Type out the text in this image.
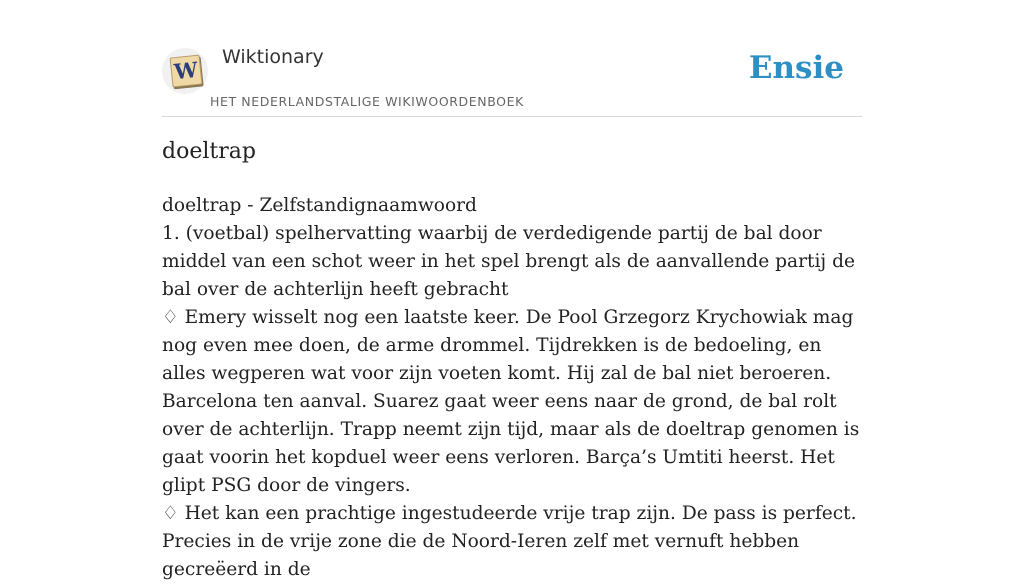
W Wiktionary
HET NEDERLANDSTALIGE WIKIWOORDENBOEK
Ensie
doeltrap

doeltrap - Zelfstandignaamwoord

1. (voetbal) spelhervatting waarbij de verdedigende partij de bal door middel van een schot weer in het spel brengt als de aanvallende partij de bal over de achterlijn heeft gebracht

♢ Emery wisselt nog een laatste keer. De Pool Grzegorz Krychowiak mag nog even mee doen, de arme drommel. Tijdrekken is de bedoeling, en alles wegperen wat voor zijn voeten komt. Hij zal de bal niet beroeren. Barcelona ten aanval. Suarez gaat weer eens naar de grond, de bal rolt over de achterlijn. Trapp neemt zijn tijd, maar als de doeltrap genomen is gaat voorin het kopduel weer eens verloren. Barça’s Umtiti heerst. Het glipt PSG door de vingers.

♢ Het kan een prachtige ingestudeerde vrije trap zijn. De pass is perfect. Precies in de vrije zone die de Noord-Ieren zelf met vernuft hebben gecreëerd in de
